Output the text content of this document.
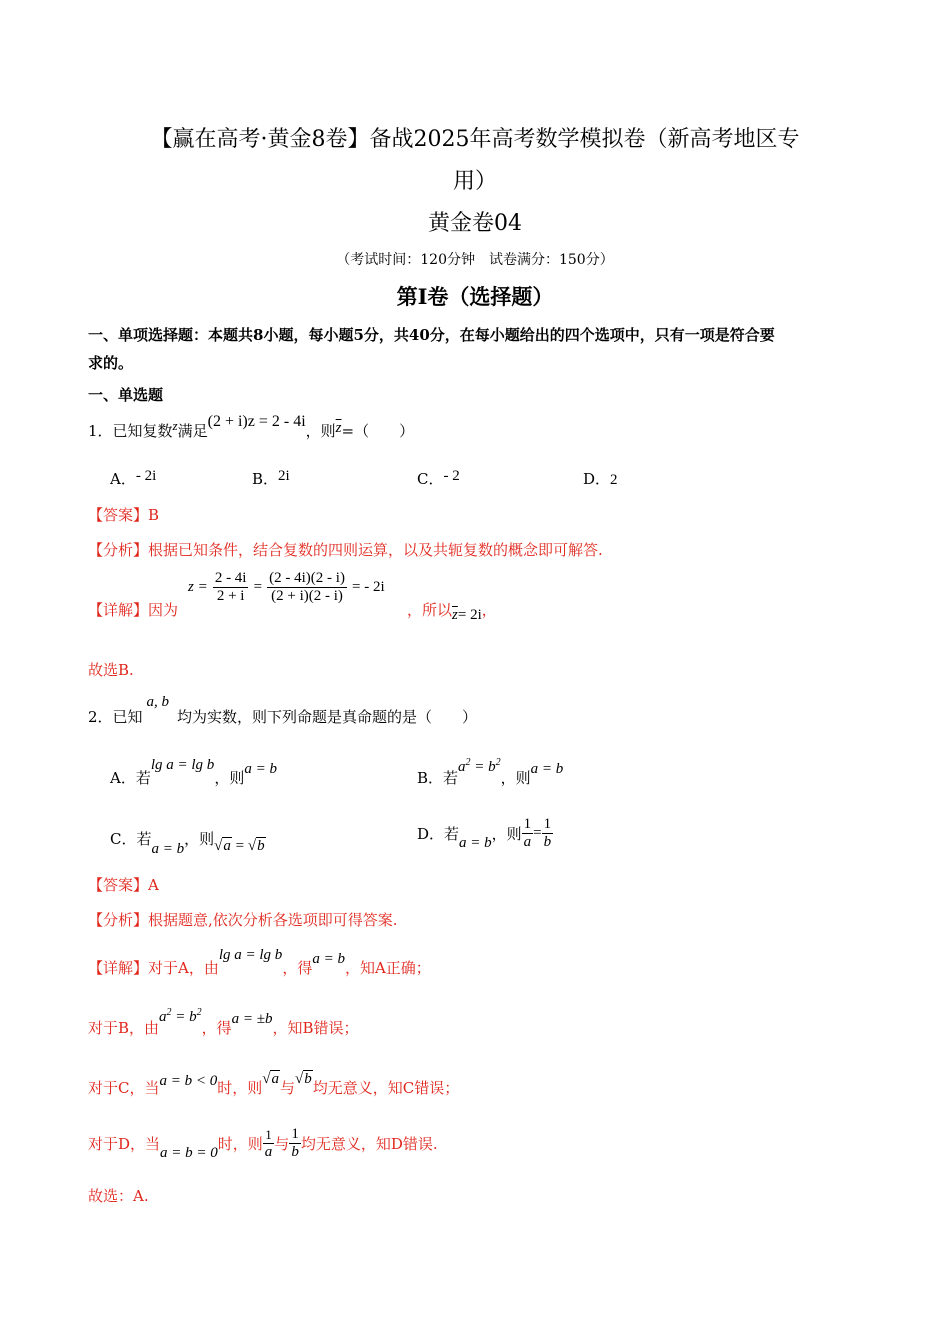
【赢在高考·黄金8卷】备战2025年高考数学模拟卷（新高考地区专
用）
黄金卷04
（考试时间：120分钟　试卷满分：150分）
第I卷（选择题）
一、单项选择题：本题共8小题，每小题5分，共40分，在每小题给出的四个选项中，只有一项是符合要
求的。
一、单选题
1．已知复数z满足(2 + i)z = 2 - 4i，则$\overline{z}=$（　　）
A．- 2i	B．2i	C．- 2	D．2
【答案】B
【分析】根据已知条件，结合复数的四则运算，以及共轭复数的概念即可解答.
【详解】因为
$z = \frac{2 - 4i}{2 + i} = \frac{(2 - 4i)(2 - i)}{(2 + i)(2 - i)}$ = - 2i
，所以$\overline{z}= 2i$，
故选B.
2．已知a, b均为实数，则下列命题是真命题的是（　　）
A．若lg a = lg b，则a = b	B．若$a^2 = b^2$，则a = b
C．若a = b，则√a = √b
D．若a = b，则 $\frac{1}{a} = \frac{1}{b}$
【答案】A
【分析】根据题意,依次分析各选项即可得答案.
【详解】对于A，由lg a = lg b，得a = b，知A正确；
对于B，由$a^2 = b^2$，得a = ±b，知B错误；
对于C，当a = b < 0时，则√a与√b均无意义，知C错误；
对于D，当a = b = 0时，则 $\frac{1}{a}$ 与 $\frac{1}{b}$ 均无意义，知D错误.
故选：A.
